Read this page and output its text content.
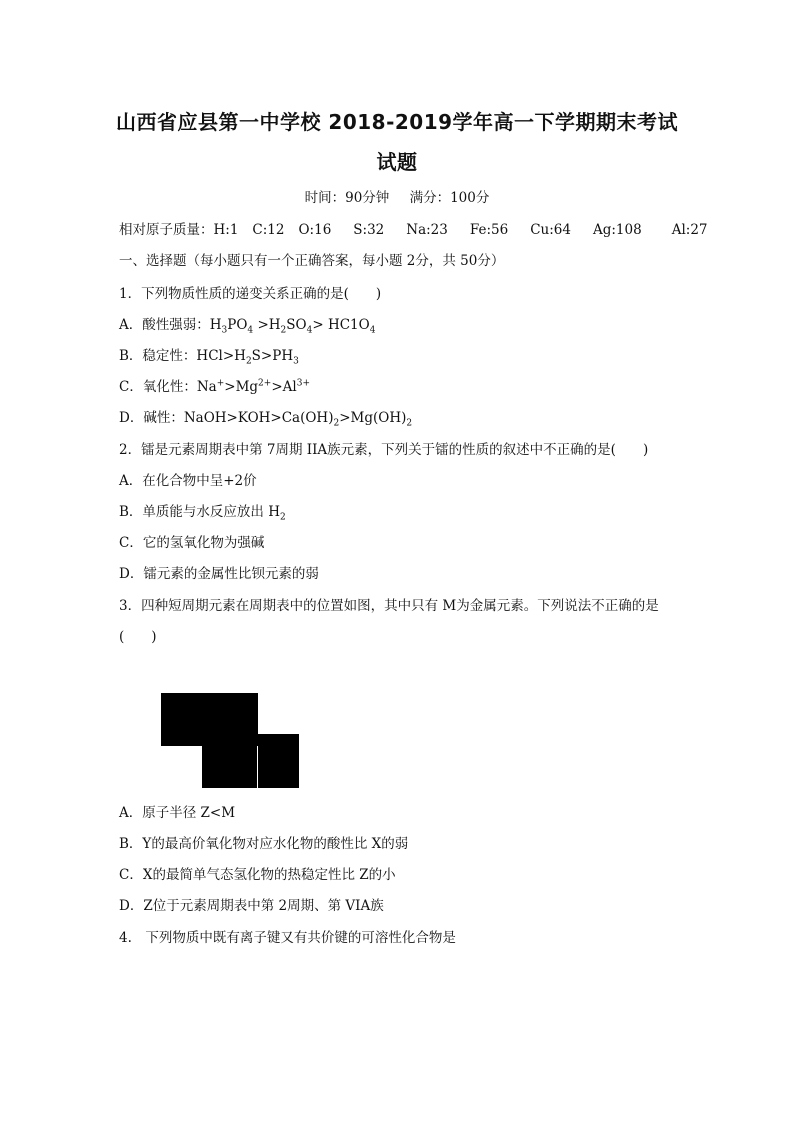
山西省应县第一中学校 2018-2019学年高一下学期期末考试
试题
时间：90分钟 满分：100分
相对原子质量：H:1 C:12 O:16 S:32 Na:23 Fe:56 Cu:64 Ag:108 Al:27
一、选择题（每小题只有一个正确答案，每小题 2分，共 50分）
1．下列物质性质的递变关系正确的是(　　)
A．酸性强弱：$H_3PO_4 >H_2SO_4> HC1O_4$
B．稳定性：$HCl>H_2S>PH_3$
C．氧化性：$Na^+>Mg^{2+}>Al^{3+}$
D．碱性：$NaOH>KOH>Ca(OH)_2>Mg(OH)_2$
2．镭是元素周期表中第 7周期 IIA族元素，下列关于镭的性质的叙述中不正确的是(　　)
A．在化合物中呈+2价
B．单质能与水反应放出 $H_2$
C．它的氢氧化物为强碱
D．镭元素的金属性比钡元素的弱
3．四种短周期元素在周期表中的位置如图，其中只有 M为金属元素。下列说法不正确的是
(　　)
A．原子半径 Z<M
B．Y的最高价氧化物对应水化物的酸性比 X的弱
C．X的最简单气态氢化物的热稳定性比 Z的小
D．Z位于元素周期表中第 2周期、第 VIA族
4.　下列物质中既有离子键又有共价键的可溶性化合物是
